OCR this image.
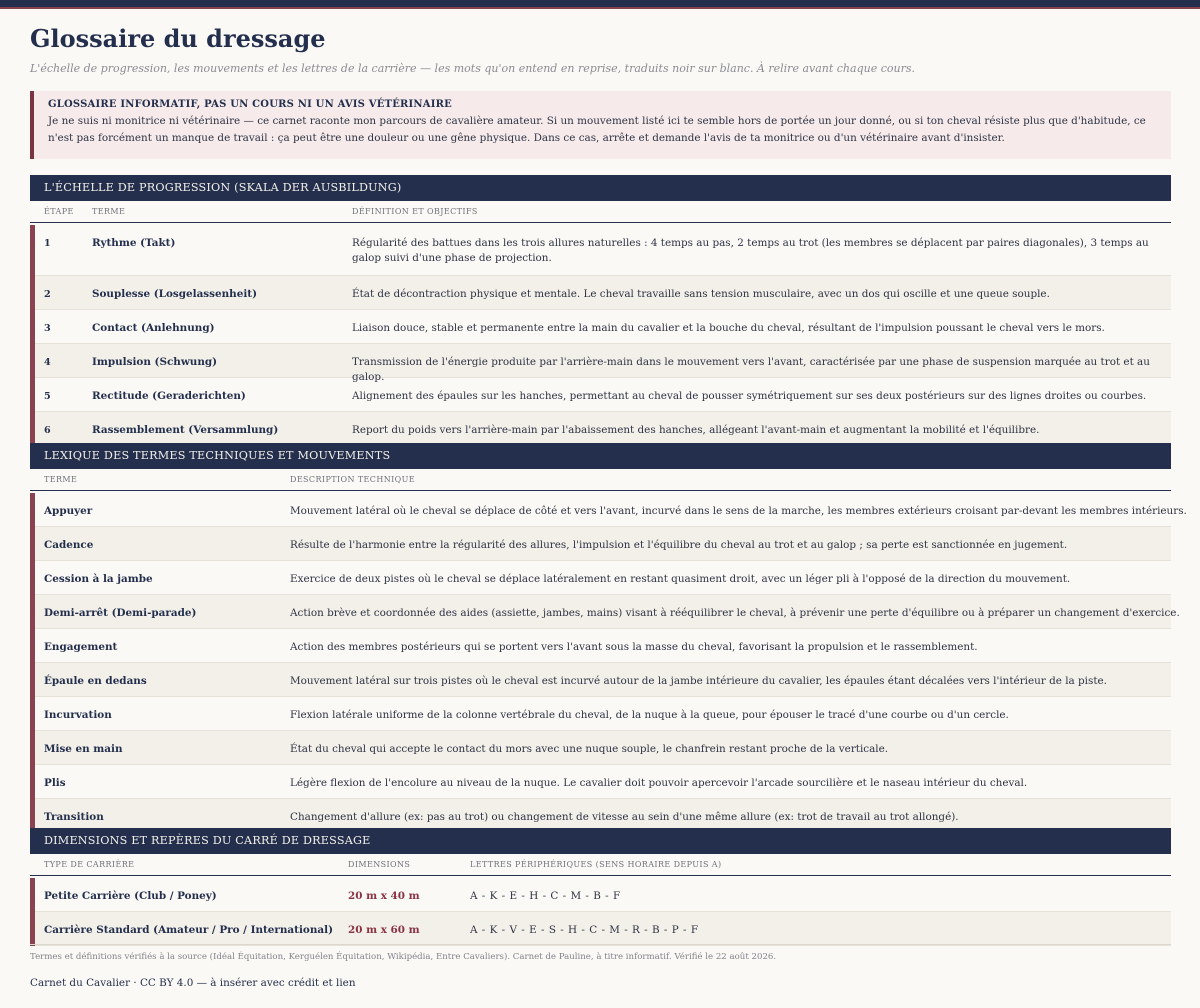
Glossaire du dressage
L'échelle de progression, les mouvements et les lettres de la carrière — les mots qu'on entend en reprise, traduits noir sur blanc. À relire avant chaque cours.
GLOSSAIRE INFORMATIF, PAS UN COURS NI UN AVIS VÉTÉRINAIRE
Je ne suis ni monitrice ni vétérinaire — ce carnet raconte mon parcours de cavalière amateur. Si un mouvement listé ici te semble hors de portée un jour donné, ou si ton cheval résiste plus que d'habitude, ce n'est pas forcément un manque de travail : ça peut être une douleur ou une gêne physique. Dans ce cas, arrête et demande l'avis de ta monitrice ou d'un vétérinaire avant d'insister.
L'ÉCHELLE DE PROGRESSION (SKALA DER AUSBILDUNG)
ÉTAPE TERME	DÉFINITION ET OBJECTIFS
1	Rythme (Takt)	Régularité des battues dans les trois allures naturelles : 4 temps au pas, 2 temps au trot (les membres se déplacent par paires diagonales), 3 temps au galop suivi d'une phase de projection.
2	Souplesse (Losgelassenheit)	État de décontraction physique et mentale. Le cheval travaille sans tension musculaire, avec un dos qui oscille et une queue souple.
3	Contact (Anlehnung)	Liaison douce, stable et permanente entre la main du cavalier et la bouche du cheval, résultant de l'impulsion poussant le cheval vers le mors.
4	Impulsion (Schwung)	Transmission de l'énergie produite par l'arrière-main dans le mouvement vers l'avant, caractérisée par une phase de suspension marquée au trot et au galop.
5	Rectitude (Geraderichten)	Alignement des épaules sur les hanches, permettant au cheval de pousser symétriquement sur ses deux postérieurs sur des lignes droites ou courbes.
6	Rassemblement (Versammlung)	Report du poids vers l'arrière-main par l'abaissement des hanches, allégeant l'avant-main et augmentant la mobilité et l'équilibre.
LEXIQUE DES TERMES TECHNIQUES ET MOUVEMENTS
TERME	DESCRIPTION TECHNIQUE
Appuyer	Mouvement latéral où le cheval se déplace de côté et vers l'avant, incurvé dans le sens de la marche, les membres extérieurs croisant par-devant les membres intérieurs.
Cadence	Résulte de l'harmonie entre la régularité des allures, l'impulsion et l'équilibre du cheval au trot et au galop ; sa perte est sanctionnée en jugement.
Cession à la jambe	Exercice de deux pistes où le cheval se déplace latéralement en restant quasiment droit, avec un léger pli à l'opposé de la direction du mouvement.
Demi-arrêt (Demi-parade)	Action brève et coordonnée des aides (assiette, jambes, mains) visant à rééquilibrer le cheval, à prévenir une perte d'équilibre ou à préparer un changement d'exercice.
Engagement	Action des membres postérieurs qui se portent vers l'avant sous la masse du cheval, favorisant la propulsion et le rassemblement.
Épaule en dedans	Mouvement latéral sur trois pistes où le cheval est incurvé autour de la jambe intérieure du cavalier, les épaules étant décalées vers l'intérieur de la piste.
Incurvation	Flexion latérale uniforme de la colonne vertébrale du cheval, de la nuque à la queue, pour épouser le tracé d'une courbe ou d'un cercle.
Mise en main	État du cheval qui accepte le contact du mors avec une nuque souple, le chanfrein restant proche de la verticale.
Plis	Légère flexion de l'encolure au niveau de la nuque. Le cavalier doit pouvoir apercevoir l'arcade sourcilière et le naseau intérieur du cheval.
Transition	Changement d'allure (ex: pas au trot) ou changement de vitesse au sein d'une même allure (ex: trot de travail au trot allongé).
DIMENSIONS ET REPÈRES DU CARRÉ DE DRESSAGE
TYPE DE CARRIÈRE	DIMENSIONS	LETTRES PÉRIPHÉRIQUES (SENS HORAIRE DEPUIS A)
Petite Carrière (Club / Poney)	20 m x 40 m	A - K - E - H - C - M - B - F
Carrière Standard (Amateur / Pro / International) 20 m x 60 m	A - K - V - E - S - H - C - M - R - B - P - F
Termes et définitions vérifiés à la source (Idéal Équitation, Kerguélen Équitation, Wikipédia, Entre Cavaliers). Carnet de Pauline, à titre informatif. Vérifié le 22 août 2026.
Carnet du Cavalier · CC BY 4.0 — à insérer avec crédit et lien
